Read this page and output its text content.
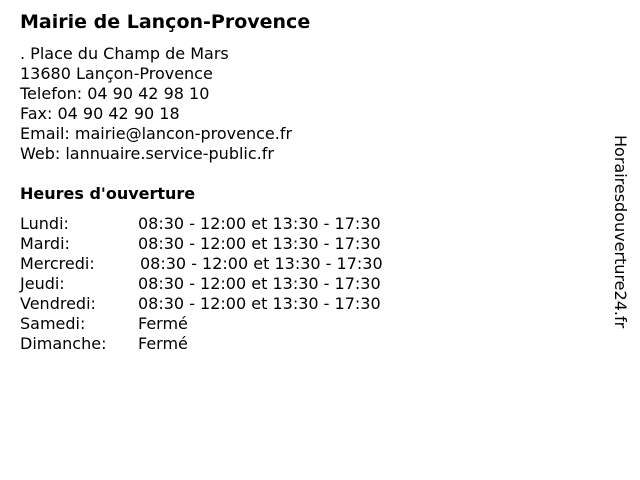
Mairie de Lançon-Provence
. Place du Champ de Mars
13680 Lançon-Provence
Telefon: 04 90 42 98 10
Fax: 04 90 42 90 18
Email: mairie@lancon-provence.fr
Web: lannuaire.service-public.fr
Heures d'ouverture
Lundi:	08:30 - 12:00 et 13:30 - 17:30
Mardi:	08:30 - 12:00 et 13:30 - 17:30
Mercredi:	08:30 - 12:00 et 13:30 - 17:30
Jeudi:	08:30 - 12:00 et 13:30 - 17:30
Vendredi:	08:30 - 12:00 et 13:30 - 17:30
Samedi:	Fermé
Dimanche: Fermé
Horairesdouverture24.fr
